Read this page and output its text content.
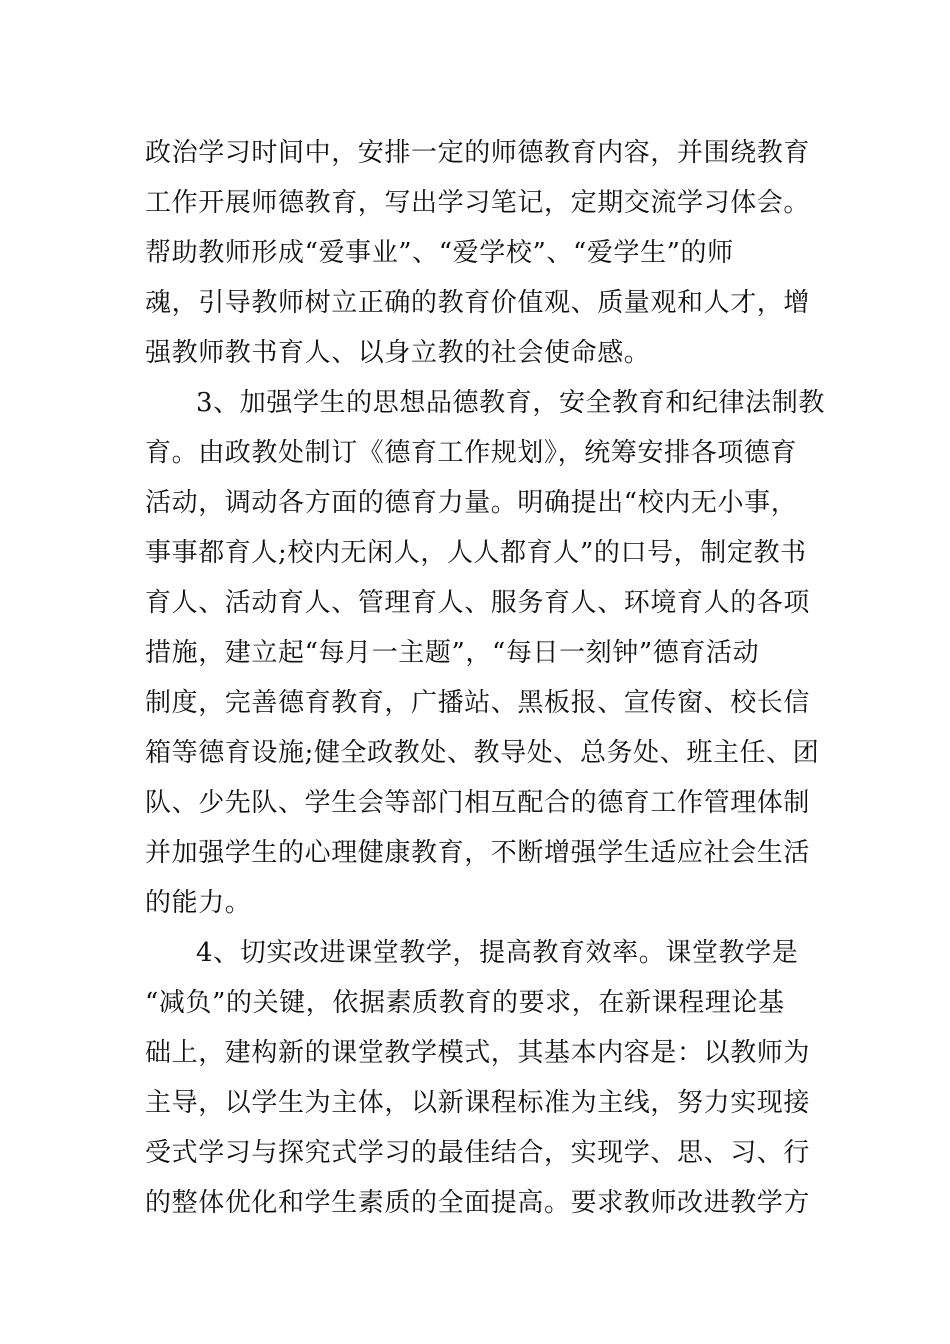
政治学习时间中，安排一定的师德教育内容，并围绕教育
工作开展师德教育，写出学习笔记，定期交流学习体会。
帮助教师形成“爱事业”、“爱学校”、“爱学生”的师
魂，引导教师树立正确的教育价值观、质量观和人才，增
强教师教书育人、以身立教的社会使命感。
3、加强学生的思想品德教育，安全教育和纪律法制教
育。由政教处制订《德育工作规划》，统筹安排各项德育
活动，调动各方面的德育力量。明确提出“校内无小事，
事事都育人;校内无闲人，人人都育人”的口号，制定教书
育人、活动育人、管理育人、服务育人、环境育人的各项
措施，建立起“每月一主题”，“每日一刻钟”德育活动
制度，完善德育教育，广播站、黑板报、宣传窗、校长信
箱等德育设施;健全政教处、教导处、总务处、班主任、团
队、少先队、学生会等部门相互配合的德育工作管理体制
并加强学生的心理健康教育，不断增强学生适应社会生活
的能力。
4、切实改进课堂教学，提高教育效率。课堂教学是
“减负”的关键，依据素质教育的要求，在新课程理论基
础上，建构新的课堂教学模式，其基本内容是：以教师为
主导，以学生为主体，以新课程标准为主线，努力实现接
受式学习与探究式学习的最佳结合，实现学、思、习、行
的整体优化和学生素质的全面提高。要求教师改进教学方
